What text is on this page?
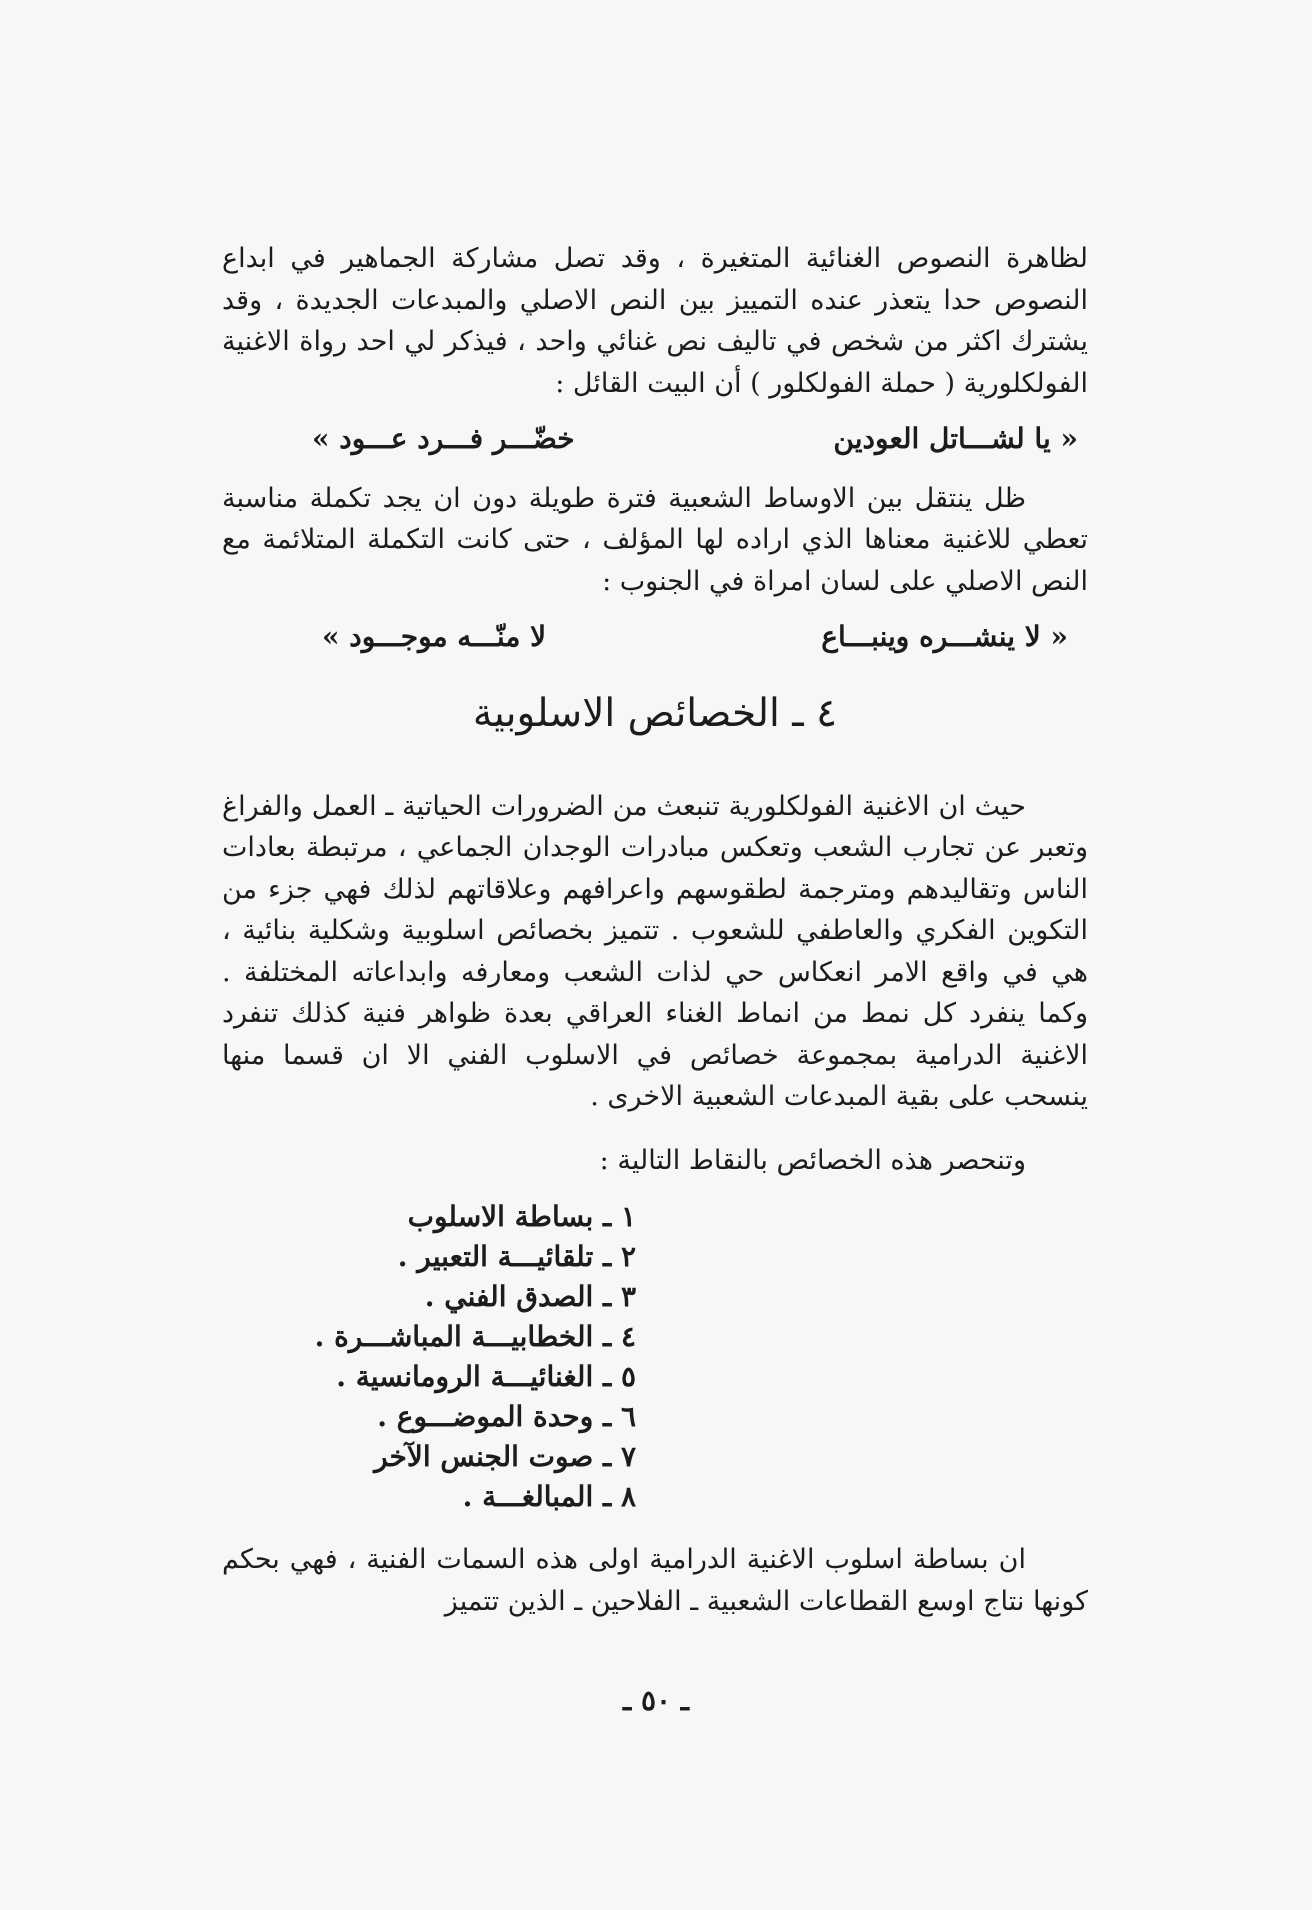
لظاهرة النصوص الغنائية المتغيرة ، وقد تصل مشاركة الجماهير في ابداع النصوص حدا يتعذر عنده التمييز بين النص الاصلي والمبدعات الجديدة ، وقد يشترك اكثر من شخص في تاليف نص غنائي واحد ، فيذكر لي احد رواة الاغنية الفولكلورية ( حملة الفولكلور ) أن البيت القائل :

« يا لشـــاتل العودين
خضّـــر فـــرد عـــود »

ظل ينتقل بين الاوساط الشعبية فترة طويلة دون ان يجد تكملة مناسبة تعطي للاغنية معناها الذي اراده لها المؤلف ، حتى كانت التكملة المتلائمة مع النص الاصلي على لسان امراة في الجنوب :

« لا ينشـــره وينبـــاع
لا منّـــه موجـــود »
٤ ـ الخصائص الاسلوبية

حيث ان الاغنية الفولكلورية تنبعث من الضرورات الحياتية ـ العمل والفراغ وتعبر عن تجارب الشعب وتعكس مبادرات الوجدان الجماعي ، مرتبطة بعادات الناس وتقاليدهم ومترجمة لطقوسهم واعرافهم وعلاقاتهم لذلك فهي جزء من التكوين الفكري والعاطفي للشعوب . تتميز بخصائص اسلوبية وشكلية بنائية ، هي في واقع الامر انعكاس حي لذات الشعب ومعارفه وابداعاته المختلفة . وكما ينفرد كل نمط من انماط الغناء العراقي بعدة ظواهر فنية كذلك تنفرد الاغنية الدرامية بمجموعة خصائص في الاسلوب الفني الا ان قسما منها ينسحب على بقية المبدعات الشعبية الاخرى .

وتنحصر هذه الخصائص بالنقاط التالية :

١ ـ بساطة الاسلوب
٢ ـ تلقائيـــة التعبير .
٣ ـ الصدق الفني .
٤ ـ الخطابيـــة المباشـــرة .
٥ ـ الغنائيـــة الرومانسية .
٦ ـ وحدة الموضـــوع .
٧ ـ صوت الجنس الآخر
٨ ـ المبالغـــة .

ان بساطة اسلوب الاغنية الدرامية اولى هذه السمات الفنية ، فهي بحكم كونها نتاج اوسع القطاعات الشعبية ـ الفلاحين ـ الذين تتميز

ـ ٥٠ ـ
